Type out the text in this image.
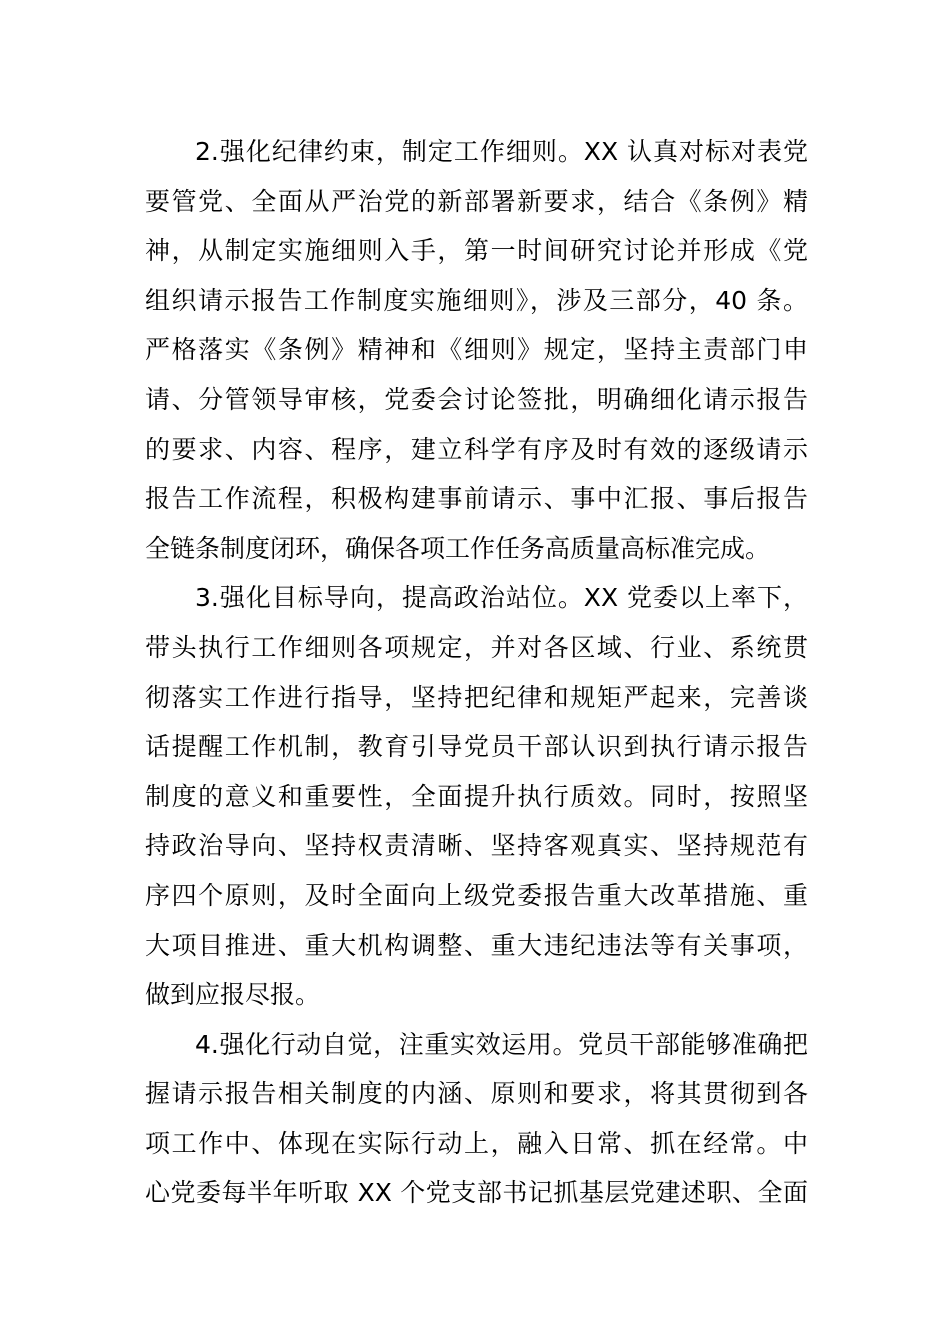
2.强化纪律约束，制定工作细则。XX 认真对标对表党
要管党、全面从严治党的新部署新要求，结合《条例》精
神，从制定实施细则入手，第一时间研究讨论并形成《党
组织请示报告工作制度实施细则》，涉及三部分，40 条。
严格落实《条例》精神和《细则》规定，坚持主责部门申
请、分管领导审核，党委会讨论签批，明确细化请示报告
的要求、内容、程序，建立科学有序及时有效的逐级请示
报告工作流程，积极构建事前请示、事中汇报、事后报告
全链条制度闭环，确保各项工作任务高质量高标准完成。
3.强化目标导向，提高政治站位。XX 党委以上率下，
带头执行工作细则各项规定，并对各区域、行业、系统贯
彻落实工作进行指导，坚持把纪律和规矩严起来，完善谈
话提醒工作机制，教育引导党员干部认识到执行请示报告
制度的意义和重要性，全面提升执行质效。同时，按照坚
持政治导向、坚持权责清晰、坚持客观真实、坚持规范有
序四个原则，及时全面向上级党委报告重大改革措施、重
大项目推进、重大机构调整、重大违纪违法等有关事项，
做到应报尽报。
4.强化行动自觉，注重实效运用。党员干部能够准确把
握请示报告相关制度的内涵、原则和要求，将其贯彻到各
项工作中、体现在实际行动上，融入日常、抓在经常。中
心党委每半年听取 XX 个党支部书记抓基层党建述职、全面
